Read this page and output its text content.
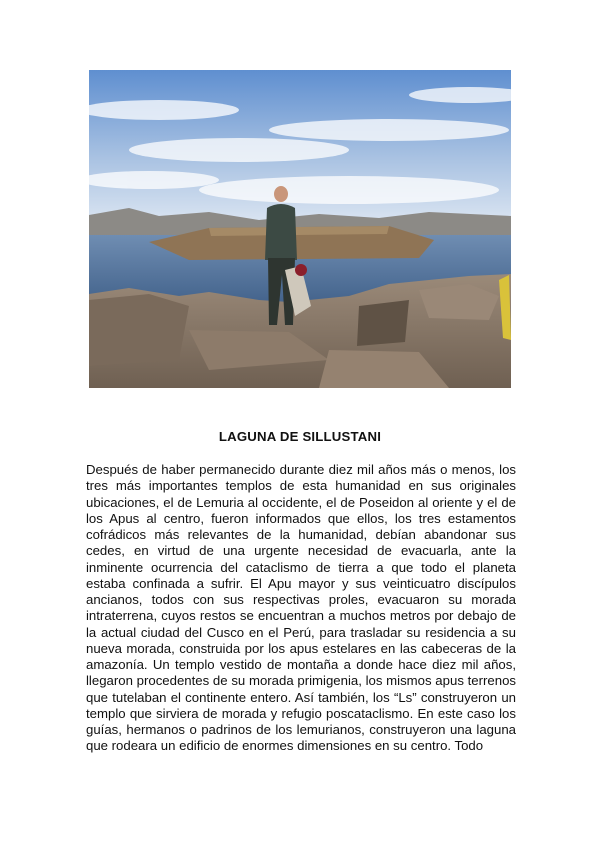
LAGUNA DE SILLUSTANI

Después de haber permanecido durante diez mil años más o menos, los tres más importantes templos de esta humanidad en sus originales ubicaciones, el de Lemuria al occidente, el de Poseidon al oriente y el de los Apus al centro, fueron informados que ellos, los tres estamentos cofrádicos más relevantes de la humanidad, debían abandonar sus cedes, en virtud de una urgente necesidad de evacuarla, ante la inminente ocurrencia del cataclismo de tierra a que todo el planeta estaba confinada a sufrir. El Apu mayor y sus veinticuatro discípulos ancianos, todos con sus respectivas proles, evacuaron su morada intraterrena, cuyos restos se encuentran a muchos metros por debajo de la actual ciudad del Cusco en el Perú, para trasladar su residencia a su nueva morada, construida por los apus estelares en las cabeceras de la amazonía. Un templo vestido de montaña a donde hace diez mil años, llegaron procedentes de su morada primigenia, los mismos apus terrenos que tutelaban el continente entero. Así también, los “Ls” construyeron un templo que sirviera de morada y refugio poscataclismo. En este caso los guías, hermanos o padrinos de los lemurianos, construyeron una laguna que rodeara un edificio de enormes dimensiones en su centro. Todo
